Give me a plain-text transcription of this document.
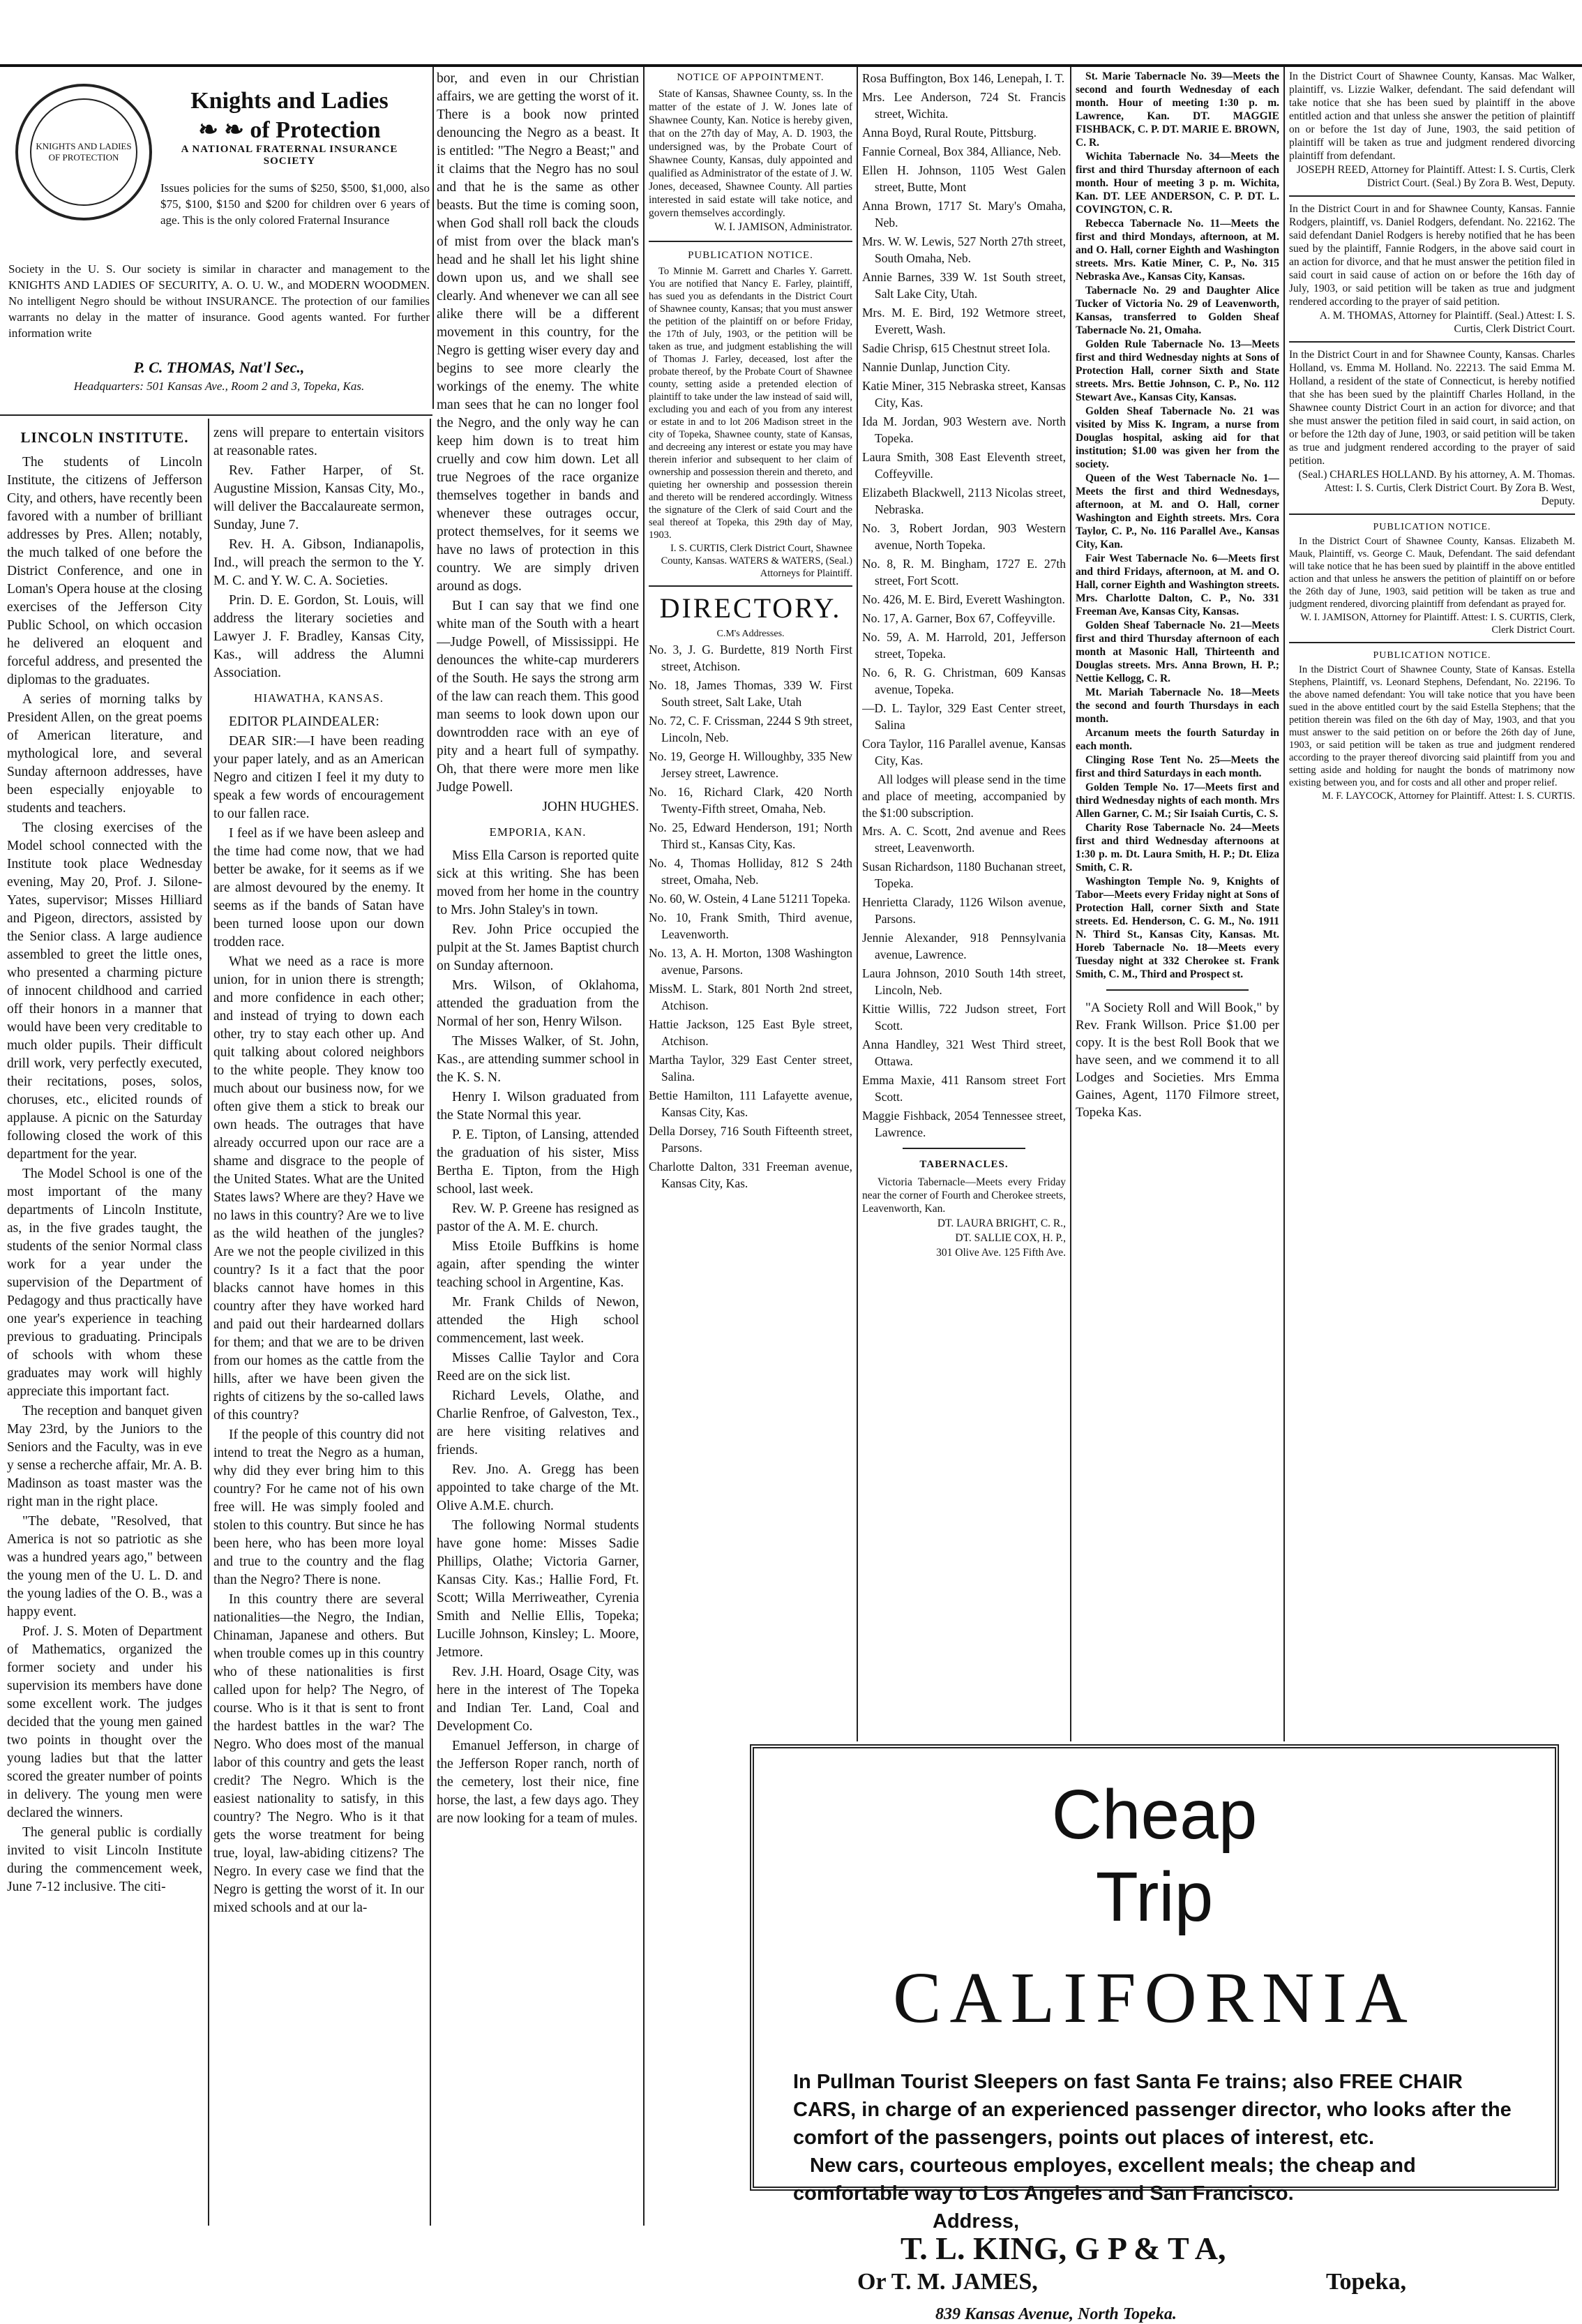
KNIGHTS AND LADIES OF PROTECTION
Knights and Ladies
❧ ❧ of Protection
A NATIONAL FRATERNAL INSURANCE
SOCIETY
Issues policies for the sums of $250, $500, $1,000, also $75, $100, $150 and $200 for children over 6 years of age. This is the only colored Fraternal Insurance
Society in the U. S. Our society is similar in character and management to the KNIGHTS AND LADIES OF SECURITY, A. O. U. W., and MODERN WOODMEN. No intelligent Negro should be without INSURANCE. The protection of our families warrants no delay in the matter of insurance. Good agents wanted. For further information write
P. C. THOMAS, Nat'l Sec.,
Headquarters: 501 Kansas Ave., Room 2 and 3, Topeka, Kas.
LINCOLN INSTITUTE.

The students of Lincoln Institute, the citizens of Jefferson City, and others, have recently been favored with a number of brilliant addresses by Pres. Allen; notably, the much talked of one before the District Conference, and one in Loman's Opera house at the closing exercises of the Jefferson City Public School, on which occasion he delivered an eloquent and forceful address, and presented the diplomas to the graduates.

A series of morning talks by President Allen, on the great poems of American literature, and mythological lore, and several Sunday afternoon addresses, have been especially enjoyable to students and teachers.

The closing exercises of the Model school connected with the Institute took place Wednesday evening, May 20, Prof. J. Silone-Yates, supervisor; Misses Hilliard and Pigeon, directors, assisted by the Senior class. A large audience assembled to greet the little ones, who presented a charming picture of innocent childhood and carried off their honors in a manner that would have been very creditable to much older pupils. Their difficult drill work, very perfectly executed, their recitations, poses, solos, choruses, etc., elicited rounds of applause. A picnic on the Saturday following closed the work of this department for the year.

The Model School is one of the most important of the many departments of Lincoln Institute, as, in the five grades taught, the students of the senior Normal class work for a year under the supervision of the Department of Pedagogy and thus practically have one year's experience in teaching previous to graduating. Principals of schools with whom these graduates may work will highly appreciate this important fact.

The reception and banquet given May 23rd, by the Juniors to the Seniors and the Faculty, was in eve y sense a recherche affair, Mr. A. B. Madinson as toast master was the right man in the right place.

"The debate, "Resolved, that America is not so patriotic as she was a hundred years ago," between the young men of the U. L. D. and the young ladies of the O. B., was a happy event.

Prof. J. S. Moten of Department of Mathematics, organized the former society and under his supervision its members have done some excellent work. The judges decided that the young men gained two points in thought over the young ladies but that the latter scored the greater number of points in delivery. The young men were declared the winners.

The general public is cordially invited to visit Lincoln Institute during the commencement week, June 7-12 inclusive. The citi-

zens will prepare to entertain visitors at reasonable rates.

Rev. Father Harper, of St. Augustine Mission, Kansas City, Mo., will deliver the Baccalaureate sermon, Sunday, June 7.

Rev. H. A. Gibson, Indianapolis, Ind., will preach the sermon to the Y. M. C. and Y. W. C. A. Societies.

Prin. D. E. Gordon, St. Louis, will address the literary societies and Lawyer J. F. Bradley, Kansas City, Kas., will address the Alumni Association.

HIAWATHA, KANSAS.

EDITOR PLAINDEALER:

DEAR SIR:—I have been reading your paper lately, and as an American Negro and citizen I feel it my duty to speak a few words of encouragement to our fallen race.

I feel as if we have been asleep and the time had come now, that we had better be awake, for it seems as if we are almost devoured by the enemy. It seems as if the bands of Satan have been turned loose upon our down trodden race.

What we need as a race is more union, for in union there is strength; and more confidence in each other; and instead of trying to down each other, try to stay each other up. And quit talking about colored neighbors to the white people. They know too much about our business now, for we often give them a stick to break our own heads. The outrages that have already occurred upon our race are a shame and disgrace to the people of the United States. What are the United States laws? Where are they? Have we no laws in this country? Are we to live as the wild heathen of the jungles? Are we not the people civilized in this country? Is it a fact that the poor blacks cannot have homes in this country after they have worked hard and paid out their hardearned dollars for them; and that we are to be driven from our homes as the cattle from the hills, after we have been given the rights of citizens by the so-called laws of this country?

If the people of this country did not intend to treat the Negro as a human, why did they ever bring him to this country? For he came not of his own free will. He was simply fooled and stolen to this country. But since he has been here, who has been more loyal and true to the country and the flag than the Negro? There is none.

In this country there are several nationalities—the Negro, the Indian, Chinaman, Japanese and others. But when trouble comes up in this country who of these nationalities is first called upon for help? The Negro, of course. Who is it that is sent to front the hardest battles in the war? The Negro. Who does most of the manual labor of this country and gets the least credit? The Negro. Which is the easiest nationality to satisfy, in this country? The Negro. Who is it that gets the worse treatment for being true, loyal, law-abiding citizens? The Negro. In every case we find that the Negro is getting the worst of it. In our mixed schools and at our la-

bor, and even in our Christian affairs, we are getting the worst of it. There is a book now printed denouncing the Negro as a beast. It is entitled: "The Negro a Beast;" and it claims that the Negro has no soul and that he is the same as other beasts. But the time is coming soon, when God shall roll back the clouds of mist from over the black man's head and he shall let his light shine down upon us, and we shall see clearly. And whenever we can all see alike there will be a different movement in this country, for the Negro is getting wiser every day and begins to see more clearly the workings of the enemy. The white man sees that he can no longer fool the Negro, and the only way he can keep him down is to treat him cruelly and cow him down. Let all true Negroes of the race organize themselves together in bands and whenever these outrages occur, protect themselves, for it seems we have no laws of protection in this country. We are simply driven around as dogs.

But I can say that we find one white man of the South with a heart—Judge Powell, of Mississippi. He denounces the white-cap murderers of the South. He says the strong arm of the law can reach them. This good man seems to look down upon our downtrodden race with an eye of pity and a heart full of sympathy. Oh, that there were more men like Judge Powell.

JOHN HUGHES.

EMPORIA, KAN.

Miss Ella Carson is reported quite sick at this writing. She has been moved from her home in the country to Mrs. John Staley's in town.

Rev. John Price occupied the pulpit at the St. James Baptist church on Sunday afternoon.

Mrs. Wilson, of Oklahoma, attended the graduation from the Normal of her son, Henry Wilson.

The Misses Walker, of St. John, Kas., are attending summer school in the K. S. N.

Henry I. Wilson graduated from the State Normal this year.

P. E. Tipton, of Lansing, attended the graduation of his sister, Miss Bertha E. Tipton, from the High school, last week.

Rev. W. P. Greene has resigned as pastor of the A. M. E. church.

Miss Etoile Buffkins is home again, after spending the winter teaching school in Argentine, Kas.

Mr. Frank Childs of Newon, attended the High school commencement, last week.

Misses Callie Taylor and Cora Reed are on the sick list.

Richard Levels, Olathe, and Charlie Renfroe, of Galveston, Tex., are here visiting relatives and friends.

Rev. Jno. A. Gregg has been appointed to take charge of the Mt. Olive A.M.E. church.

The following Normal students have gone home: Misses Sadie Phillips, Olathe; Victoria Garner, Kansas City. Kas.; Hallie Ford, Ft. Scott; Willa Merriweather, Cyrenia Smith and Nellie Ellis, Topeka; Lucille Johnson, Kinsley; L. Moore, Jetmore.

Rev. J.H. Hoard, Osage City, was here in the interest of The Topeka and Indian Ter. Land, Coal and Development Co.

Emanuel Jefferson, in charge of the Jefferson Roper ranch, north of the cemetery, lost their nice, fine horse, the last, a few days ago. They are now looking for a team of mules.

NOTICE OF APPOINTMENT.

State of Kansas, Shawnee County, ss. In the matter of the estate of J. W. Jones late of Shawnee County, Kan. Notice is hereby given, that on the 27th day of May, A. D. 1903, the undersigned was, by the Probate Court of Shawnee County, Kansas, duly appointed and qualified as Administrator of the estate of J. W. Jones, deceased, Shawnee County. All parties interested in said estate will take notice, and govern themselves accordingly.

W. I. JAMISON, Administrator.

PUBLICATION NOTICE.

To Minnie M. Garrett and Charles Y. Garrett. You are notified that Nancy E. Farley, plaintiff, has sued you as defendants in the District Court of Shawnee county, Kansas; that you must answer the petition of the plaintiff on or before Friday, the 17th of July, 1903, or the petition will be taken as true, and judgment establishing the will of Thomas J. Farley, deceased, lost after the probate thereof, by the Probate Court of Shawnee county, setting aside a pretended election of plaintiff to take under the law instead of said will, excluding you and each of you from any interest or estate in and to lot 206 Madison street in the city of Topeka, Shawnee county, state of Kansas, and decreeing any interest or estate you may have therein inferior and subsequent to her claim of ownership and possession therein and thereto, and quieting her ownership and possession therein and thereto will be rendered accordingly. Witness the signature of the Clerk of said Court and the seal thereof at Topeka, this 29th day of May, 1903.

I. S. CURTIS, Clerk District Court, Shawnee County, Kansas. WATERS & WATERS, (Seal.) Attorneys for Plaintiff.

DIRECTORY.

C.M's Addresses.

No. 3, J. G. Burdette, 819 North First street, Atchison.

No. 18, James Thomas, 339 W. First South street, Salt Lake, Utah

No. 72, C. F. Crissman, 2244 S 9th street, Lincoln, Neb.

No. 19, George H. Willoughby, 335 New Jersey street, Lawrence.

No. 16, Richard Clark, 420 North Twenty-Fifth street, Omaha, Neb.

No. 25, Edward Henderson, 191; North Third st., Kansas City, Kas.

No. 4, Thomas Holliday, 812 S 24th street, Omaha, Neb.

No. 60, W. Ostein, 4 Lane 51211 Topeka.

No. 10, Frank Smith, Third avenue, Leavenworth.

No. 13, A. H. Morton, 1308 Washington avenue, Parsons.

MissM. L. Stark, 801 North 2nd street, Atchison.

Hattie Jackson, 125 East Byle street, Atchison.

Martha Taylor, 329 East Center street, Salina.

Bettie Hamilton, 111 Lafayette avenue, Kansas City, Kas.

Della Dorsey, 716 South Fifteenth street, Parsons.

Charlotte Dalton, 331 Freeman avenue, Kansas City, Kas.

Rosa Buffington, Box 146, Lenepah, I. T.

Mrs. Lee Anderson, 724 St. Francis street, Wichita.

Anna Boyd, Rural Route, Pittsburg.

Fannie Corneal, Box 384, Alliance, Neb.

Ellen H. Johnson, 1105 West Galen street, Butte, Mont

Anna Brown, 1717 St. Mary's Omaha, Neb.

Mrs. W. W. Lewis, 527 North 27th street, South Omaha, Neb.

Annie Barnes, 339 W. 1st South street, Salt Lake City, Utah.

Mrs. M. E. Bird, 192 Wetmore street, Everett, Wash.

Sadie Chrisp, 615 Chestnut street Iola.

Nannie Dunlap, Junction City.

Katie Miner, 315 Nebraska street, Kansas City, Kas.

Ida M. Jordan, 903 Western ave. North Topeka.

Laura Smith, 308 East Eleventh street, Coffeyville.

Elizabeth Blackwell, 2113 Nicolas street, Nebraska.

No. 3, Robert Jordan, 903 Western avenue, North Topeka.

No. 8, R. M. Bingham, 1727 E. 27th street, Fort Scott.

No. 426, M. E. Bird, Everett Washington.

No. 17, A. Garner, Box 67, Coffeyville.

No. 59, A. M. Harrold, 201, Jefferson street, Topeka.

No. 6, R. G. Christman, 609 Kansas avenue, Topeka.

—D. L. Taylor, 329 East Center street, Salina

Cora Taylor, 116 Parallel avenue, Kansas City, Kas.

All lodges will please send in the time and place of meeting, accompanied by the $1:00 subscription.

Mrs. A. C. Scott, 2nd avenue and Rees street, Leavenworth.

Susan Richardson, 1180 Buchanan street, Topeka.

Henrietta Clarady, 1126 Wilson avenue, Parsons.

Jennie Alexander, 918 Pennsylvania avenue, Lawrence.

Laura Johnson, 2010 South 14th street, Lincoln, Neb.

Kittie Willis, 722 Judson street, Fort Scott.

Anna Handley, 321 West Third street, Ottawa.

Emma Maxie, 411 Ransom street Fort Scott.

Maggie Fishback, 2054 Tennessee street, Lawrence.

TABERNACLES.

Victoria Tabernacle—Meets every Friday near the corner of Fourth and Cherokee streets, Leavenworth, Kan.

DT. LAURA BRIGHT, C. R.,

DT. SALLIE COX, H. P.,

301 Olive Ave. 125 Fifth Ave.

St. Marie Tabernacle No. 39—Meets the second and fourth Wednesday of each month. Hour of meeting 1:30 p. m. Lawrence, Kan. DT. MAGGIE FISHBACK, C. P. DT. MARIE E. BROWN, C. R.

Wichita Tabernacle No. 34—Meets the first and third Thursday afternoon of each month. Hour of meeting 3 p. m. Wichita, Kan. DT. LEE ANDERSON, C. P. DT. L. COVINGTON, C. R.

Rebecca Tabernacle No. 11—Meets the first and third Mondays, afternoon, at M. and O. Hall, corner Eighth and Washington streets. Mrs. Katie Miner, C. P., No. 315 Nebraska Ave., Kansas City, Kansas.

Tabernacle No. 29 and Daughter Alice Tucker of Victoria No. 29 of Leavenworth, Kansas, transferred to Golden Sheaf Tabernacle No. 21, Omaha.

Golden Rule Tabernacle No. 13—Meets first and third Wednesday nights at Sons of Protection Hall, corner Sixth and State streets. Mrs. Bettie Johnson, C. P., No. 112 Stewart Ave., Kansas City, Kansas.

Golden Sheaf Tabernacle No. 21 was visited by Miss K. Ingram, a nurse from Douglas hospital, asking aid for that institution; $1.00 was given her from the society.

Queen of the West Tabernacle No. 1—Meets the first and third Wednesdays, afternoon, at M. and O. Hall, corner Washington and Eighth streets. Mrs. Cora Taylor, C. P., No. 116 Parallel Ave., Kansas City, Kan.

Fair West Tabernacle No. 6—Meets first and third Fridays, afternoon, at M. and O. Hall, corner Eighth and Washington streets. Mrs. Charlotte Dalton, C. P., No. 331 Freeman Ave, Kansas City, Kansas.

Golden Sheaf Tabernacle No. 21—Meets first and third Thursday afternoon of each month at Masonic Hall, Thirteenth and Douglas streets. Mrs. Anna Brown, H. P.; Nettie Kellogg, C. R.

Mt. Mariah Tabernacle No. 18—Meets the second and fourth Thursdays in each month.

Arcanum meets the fourth Saturday in each month.

Clinging Rose Tent No. 25—Meets the first and third Saturdays in each month.

Golden Temple No. 17—Meets first and third Wednesday nights of each month. Mrs Allen Garner, C. M.; Sir Isaiah Curtis, C. S.

Charity Rose Tabernacle No. 24—Meets first and third Wednesday afternoons at 1:30 p. m. Dt. Laura Smith, H. P.; Dt. Eliza Smith, C. R.

Washington Temple No. 9, Knights of Tabor—Meets every Friday night at Sons of Protection Hall, corner Sixth and State streets. Ed. Henderson, C. G. M., No. 1911 N. Third St., Kansas City, Kansas. Mt. Horeb Tabernacle No. 18—Meets every Tuesday night at 332 Cherokee st. Frank Smith, C. M., Third and Prospect st.

"A Society Roll and Will Book," by Rev. Frank Willson. Price $1.00 per copy. It is the best Roll Book that we have seen, and we commend it to all Lodges and Societies. Mrs Emma Gaines, Agent, 1170 Filmore street, Topeka Kas.

In the District Court of Shawnee County, Kansas. Mac Walker, plaintiff, vs. Lizzie Walker, defendant. The said defendant will take notice that she has been sued by plaintiff in the above entitled action and that unless she answer the petition of plaintiff on or before the 1st day of June, 1903, the said petition of plaintiff will be taken as true and judgment rendered divorcing plaintiff from defendant.

JOSEPH REED, Attorney for Plaintiff. Attest: I. S. Curtis, Clerk District Court. (Seal.) By Zora B. West, Deputy.

In the District Court in and for Shawnee County, Kansas. Fannie Rodgers, plaintiff, vs. Daniel Rodgers, defendant. No. 22162. The said defendant Daniel Rodgers is hereby notified that he has been sued by the plaintiff, Fannie Rodgers, in the above said court in an action for divorce, and that he must answer the petition filed in said court in said cause of action on or before the 16th day of July, 1903, or said petition will be taken as true and judgment rendered according to the prayer of said petition.

A. M. THOMAS, Attorney for Plaintiff. (Seal.) Attest: I. S. Curtis, Clerk District Court.

In the District Court in and for Shawnee County, Kansas. Charles Holland, vs. Emma M. Holland. No. 22213. The said Emma M. Holland, a resident of the state of Connecticut, is hereby notified that she has been sued by the plaintiff Charles Holland, in the Shawnee county District Court in an action for divorce; and that she must answer the petition filed in said court, in said action, on or before the 12th day of June, 1903, or said petition will be taken as true and judgment rendered according to the prayer of said petition.

(Seal.) CHARLES HOLLAND. By his attorney, A. M. Thomas. Attest: I. S. Curtis, Clerk District Court. By Zora B. West, Deputy.

PUBLICATION NOTICE.

In the District Court of Shawnee County, Kansas. Elizabeth M. Mauk, Plaintiff, vs. George C. Mauk, Defendant. The said defendant will take notice that he has been sued by plaintiff in the above entitled action and that unless he answers the petition of plaintiff on or before the 26th day of June, 1903, said petition will be taken as true and judgment rendered, divorcing plaintiff from defendant as prayed for.

W. I. JAMISON, Attorney for Plaintiff. Attest: I. S. CURTIS, Clerk, Clerk District Court.

PUBLICATION NOTICE.

In the District Court of Shawnee County, State of Kansas. Estella Stephens, Plaintiff, vs. Leonard Stephens, Defendant, No. 22196. To the above named defendant: You will take notice that you have been sued in the above entitled court by the said Estella Stephens; that the petition therein was filed on the 6th day of May, 1903, and that you must answer to the said petition on or before the 26th day of June, 1903, or said petition will be taken as true and judgment rendered according to the prayer thereof divorcing said plaintiff from you and setting aside and holding for naught the bonds of matrimony now existing between you, and for costs and all other and proper relief.

M. F. LAYCOCK, Attorney for Plaintiff. Attest: I. S. CURTIS.

Cheap
Trip
CALIFORNIA
In Pullman Tourist Sleepers on fast Santa Fe trains; also FREE CHAIR CARS, in charge of an experienced passenger director, who looks after the comfort of the passengers, points out places of interest, etc.
New cars, courteous employes, excellent meals; the cheap and comfortable way to Los Angeles and San Francisco. Address,
T. L. KING, G P & T A,
Or T. M. JAMES,	Topeka,
839 Kansas Avenue, North Topeka.
